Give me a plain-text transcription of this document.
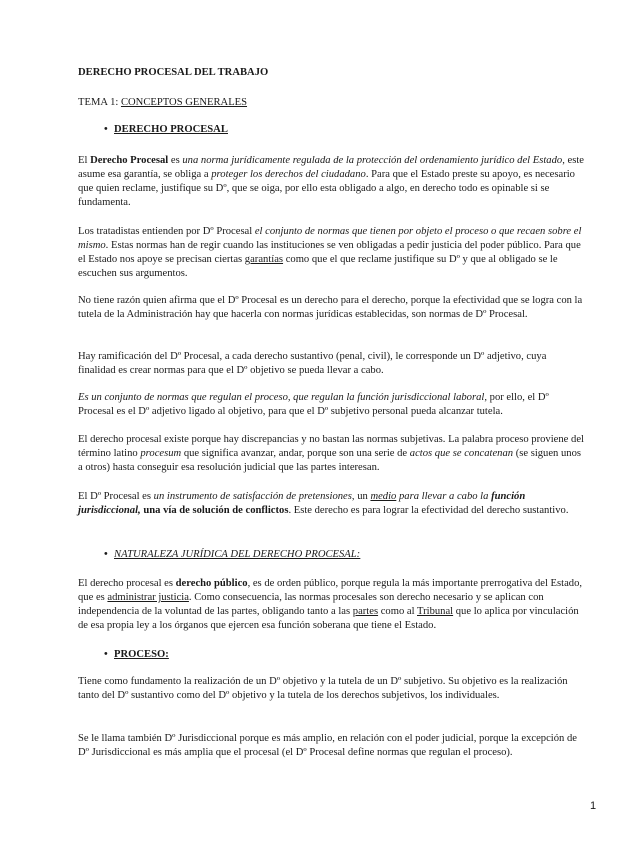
DERECHO PROCESAL DEL TRABAJO

TEMA 1: CONCEPTOS GENERALES

• DERECHO PROCESAL

El Derecho Procesal es una norma jurídicamente regulada de la protección del ordenamiento jurídico del Estado, este asume esa garantía, se obliga a proteger los derechos del ciudadano. Para que el Estado preste su apoyo, es necesario que quien reclame, justifique su Dº, que se oiga, por ello esta obligado a algo, en derecho todo es opinable si se fundamenta.

Los tratadistas entienden por Dº Procesal el conjunto de normas que tienen por objeto el proceso o que recaen sobre el mismo. Estas normas han de regir cuando las instituciones se ven obligadas a pedir justicia del poder público. Para que el Estado nos apoye se precisan ciertas garantías como que el que reclame justifique su Dº y que al obligado se le escuchen sus argumentos.

No tiene razón quien afirma que el Dº Procesal es un derecho para el derecho, porque la efectividad que se logra con la tutela de la Administración hay que hacerla con normas jurídicas establecidas, son normas de Dº Procesal.

Hay ramificación del Dº Procesal, a cada derecho sustantivo (penal, civil), le corresponde un Dº adjetivo, cuya finalidad es crear normas para que el Dº objetivo se pueda llevar a cabo.

Es un conjunto de normas que regulan el proceso, que regulan la función jurisdiccional laboral, por ello, el Dº Procesal es el Dº adjetivo ligado al objetivo, para que el Dº subjetivo personal pueda alcanzar tutela.

El derecho procesal existe porque hay discrepancias y no bastan las normas subjetivas. La palabra proceso proviene del término latino procesum que significa avanzar, andar, porque son una serie de actos que se concatenan (se siguen unos a otros) hasta conseguir esa resolución judicial que las partes interesan.

El Dº Procesal es un instrumento de satisfacción de pretensiones, un medio para llevar a cabo la función jurisdiccional, una vía de solución de conflictos. Este derecho es para lograr la efectividad del derecho sustantivo.

• NATURALEZA JURÍDICA DEL DERECHO PROCESAL:

El derecho procesal es derecho público, es de orden público, porque regula la más importante prerrogativa del Estado, que es administrar justicia. Como consecuencia, las normas procesales son derecho necesario y se aplican con independencia de la voluntad de las partes, obligando tanto a las partes como al Tribunal que lo aplica por vinculación de esa propia ley a los órganos que ejercen esa función soberana que tiene el Estado.

• PROCESO:

Tiene como fundamento la realización de un Dº objetivo y la tutela de un Dº subjetivo. Su objetivo es la realización tanto del Dº sustantivo como del Dº objetivo y la tutela de los derechos subjetivos, los individuales.

Se le llama también Dº Jurisdiccional porque es más amplio, en relación con el poder judicial, porque la excepción de Dº Jurisdiccional es más amplia que el procesal (el Dº Procesal define normas que regulan el proceso).

1
